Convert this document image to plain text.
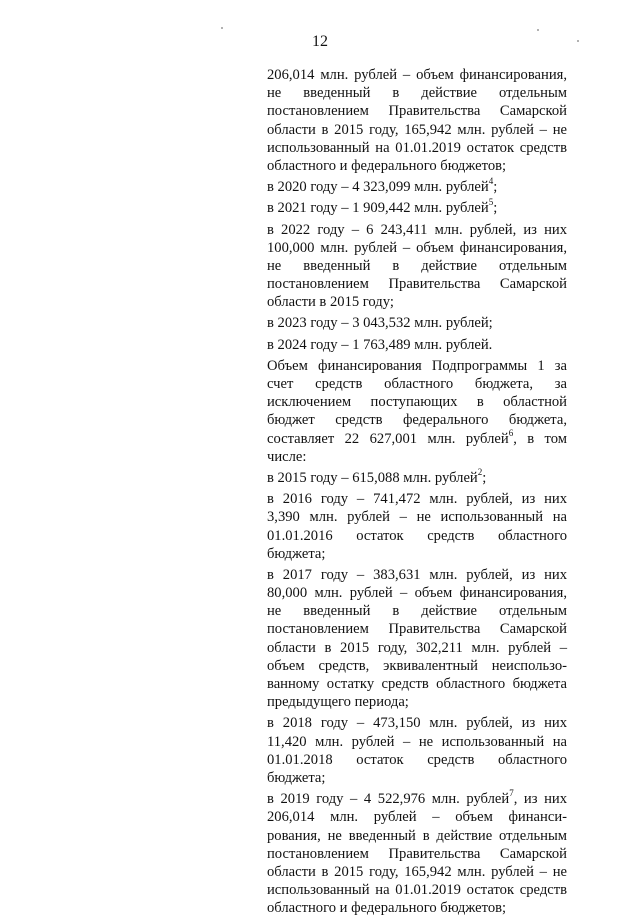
12
206,014 млн. рублей – объем финансирования,
не введенный в действие отдельным
постановлением Правительства Самарской
области в 2015 году, 165,942 млн. рублей – не
использованный на 01.01.2019 остаток средств
областного и федерального бюджетов;
в 2020 году – 4 323,099 млн. рублей$^4$;
в 2021 году – 1 909,442 млн. рублей$^5$;
в 2022 году – 6 243,411 млн. рублей, из них
100,000 млн. рублей – объем финансирования,
не введенный в действие отдельным
постановлением Правительства Самарской
области в 2015 году;
в 2023 году – 3 043,532 млн. рублей;
в 2024 году – 1 763,489 млн. рублей.
Объем финансирования Подпрограммы 1 за
счет средств областного бюджета, за
исключением поступающих в областной
бюджет средств федерального бюджета,
составляет 22 627,001 млн. рублей$^6$, в том
числе:
в 2015 году – 615,088 млн. рублей$^2$;
в 2016 году – 741,472 млн. рублей, из них
3,390 млн. рублей – не использованный на
01.01.2016 остаток средств областного
бюджета;
в 2017 году – 383,631 млн. рублей, из них
80,000 млн. рублей – объем финансирования,
не введенный в действие отдельным
постановлением Правительства Самарской
области в 2015 году, 302,211 млн. рублей –
объем средств, эквивалентный неиспользо-
ванному остатку средств областного бюджета
предыдущего периода;
в 2018 году – 473,150 млн. рублей, из них
11,420 млн. рублей – не использованный на
01.01.2018 остаток средств областного
бюджета;
в 2019 году – 4 522,976 млн. рублей$^7$, из них
206,014 млн. рублей – объем финанси-
рования, не введенный в действие отдельным
постановлением Правительства Самарской
области в 2015 году, 165,942 млн. рублей – не
использованный на 01.01.2019 остаток средств
областного и федерального бюджетов;
